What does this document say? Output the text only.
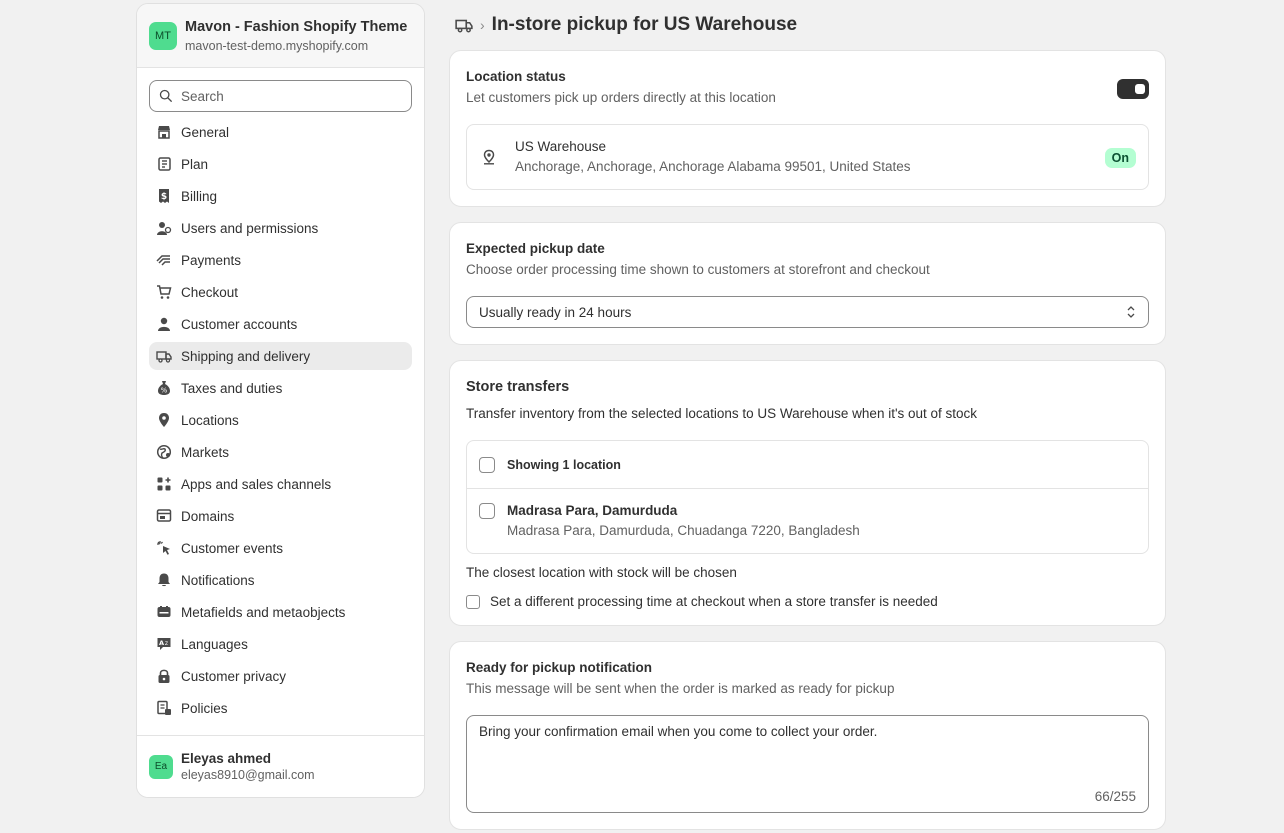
MT
Mavon - Fashion Shopify Theme
mavon-test-demo.myshopify.com
Search
General
Plan
$ Billing
Users and permissions
Payments
Checkout
Customer accounts
Shipping and delivery
% Taxes and duties
Locations
Markets
Apps and sales channels
Domains
Customer events
Notifications
Metafields and metaobjects
A z Languages
Customer privacy
Policies
Ea
Eleyas ahmed
eleyas8910@gmail.com
› In-store pickup for US Warehouse
Location status
Let customers pick up orders directly at this location
US Warehouse
Anchorage, Anchorage, Anchorage Alabama 99501, United States
On
Expected pickup date
Choose order processing time shown to customers at storefront and checkout
Usually ready in 24 hours
Store transfers
Transfer inventory from the selected locations to US Warehouse when it's out of stock
Showing 1 location
Madrasa Para, Damurduda
Madrasa Para, Damurduda, Chuadanga 7220, Bangladesh
The closest location with stock will be chosen
Set a different processing time at checkout when a store transfer is needed
Ready for pickup notification
This message will be sent when the order is marked as ready for pickup
Bring your confirmation email when you come to collect your order.
66/255
